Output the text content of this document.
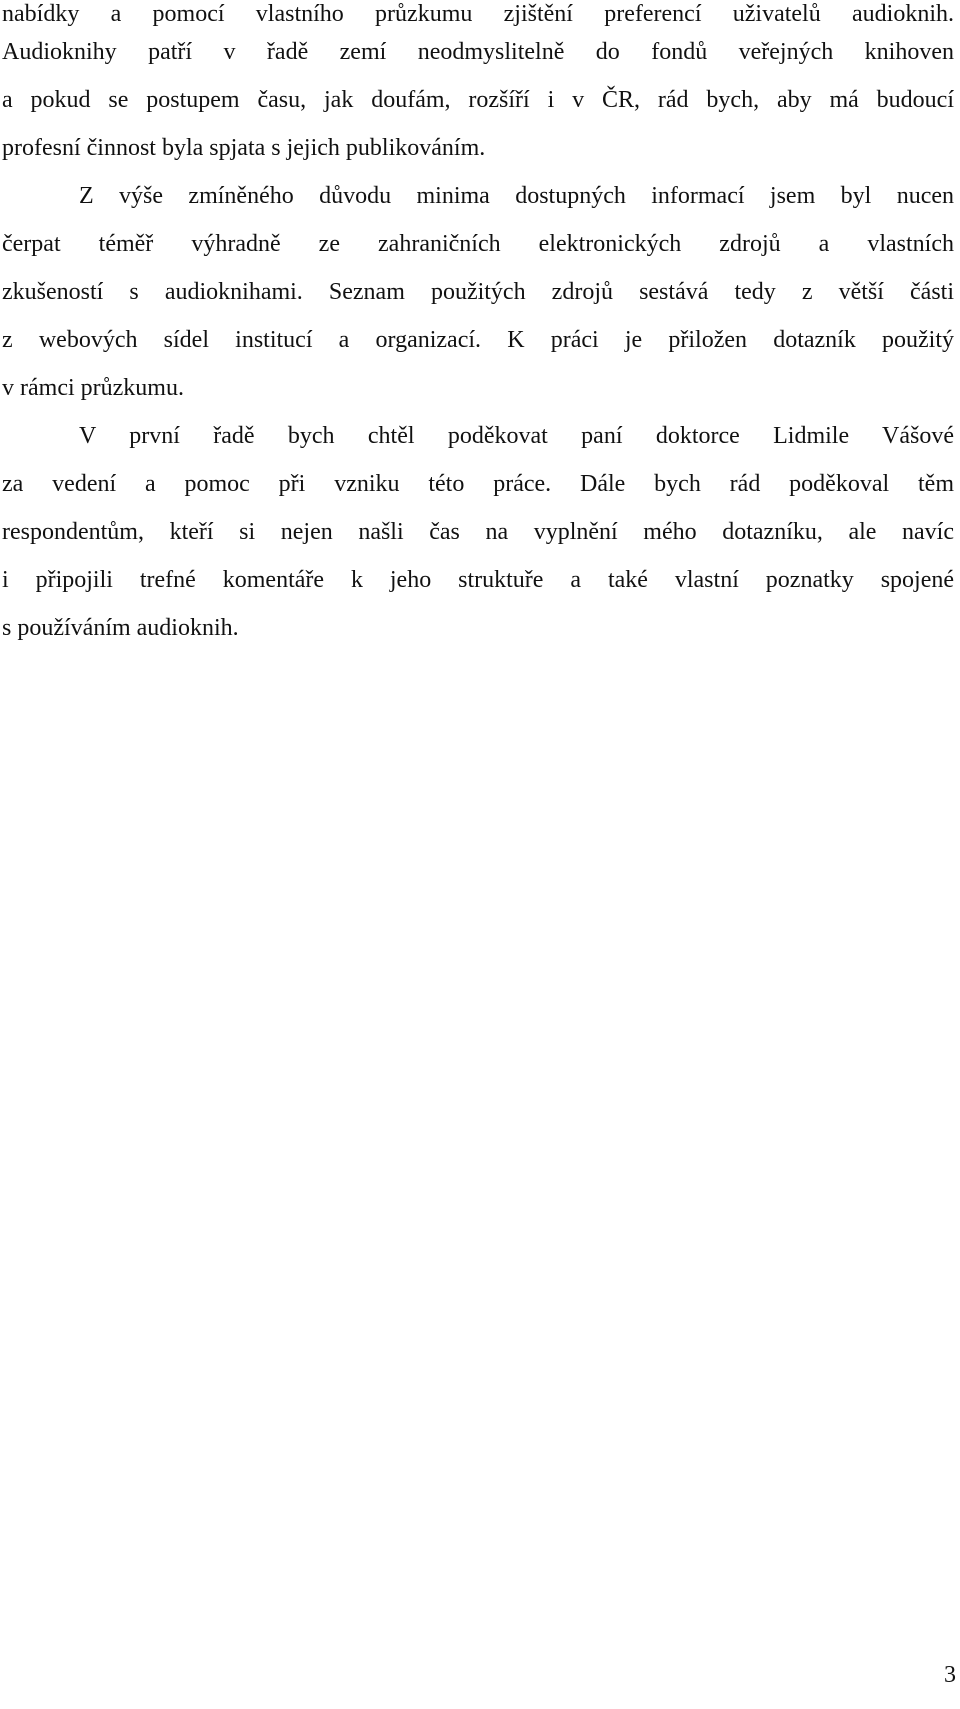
nabídky a pomocí vlastního průzkumu zjištění preferencí uživatelů audioknih.
Audioknihy patří v řadě zemí neodmyslitelně do fondů veřejných knihoven
a pokud se postupem času, jak doufám, rozšíří i v ČR, rád bych, aby má budoucí
profesní činnost byla spjata s jejich publikováním.
Z výše zmíněného důvodu minima dostupných informací jsem byl nucen
čerpat téměř výhradně ze zahraničních elektronických zdrojů a vlastních
zkušeností s audioknihami. Seznam použitých zdrojů sestává tedy z větší části
z webových sídel institucí a organizací. K práci je přiložen dotazník použitý
v rámci průzkumu.
V první řadě bych chtěl poděkovat paní doktorce Lidmile Vášové
za vedení a pomoc při vzniku této práce. Dále bych rád poděkoval těm
respondentům, kteří si nejen našli čas na vyplnění mého dotazníku, ale navíc
i připojili trefné komentáře k jeho struktuře a také vlastní poznatky spojené
s používáním audioknih.
3
